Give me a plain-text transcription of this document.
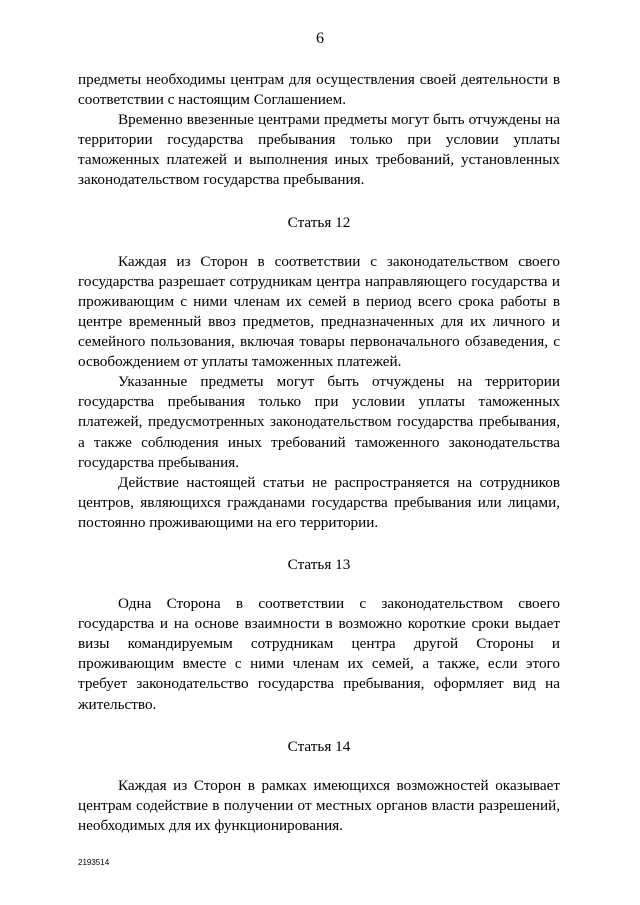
6

предметы необходимы центрам для осуществления своей деятельности в соответствии с настоящим Соглашением.

Временно ввезенные центрами предметы могут быть отчуждены на территории государства пребывания только при условии уплаты таможенных платежей и выполнения иных требований, установленных законодательством государства пребывания.

Статья 12

Каждая из Сторон в соответствии с законодательством своего государства разрешает сотрудникам центра направляющего государства и проживающим с ними членам их семей в период всего срока работы в центре временный ввоз предметов, предназначенных для их личного и семейного пользования, включая товары первоначального обзаведения, с освобождением от уплаты таможенных платежей.

Указанные предметы могут быть отчуждены на территории государства пребывания только при условии уплаты таможенных платежей, предусмотренных законодательством государства пребывания, а также соблюдения иных требований таможенного законодательства государства пребывания.

Действие настоящей статьи не распространяется на сотрудников центров, являющихся гражданами государства пребывания или лицами, постоянно проживающими на его территории.

Статья 13

Одна Сторона в соответствии с законодательством своего государства и на основе взаимности в возможно короткие сроки выдает визы командируемым сотрудникам центра другой Стороны и проживающим вместе с ними членам их семей, а также, если этого требует законодательство государства пребывания, оформляет вид на жительство.

Статья 14

Каждая из Сторон в рамках имеющихся возможностей оказывает центрам содействие в получении от местных органов власти разрешений, необходимых для их функционирования.

2193514
